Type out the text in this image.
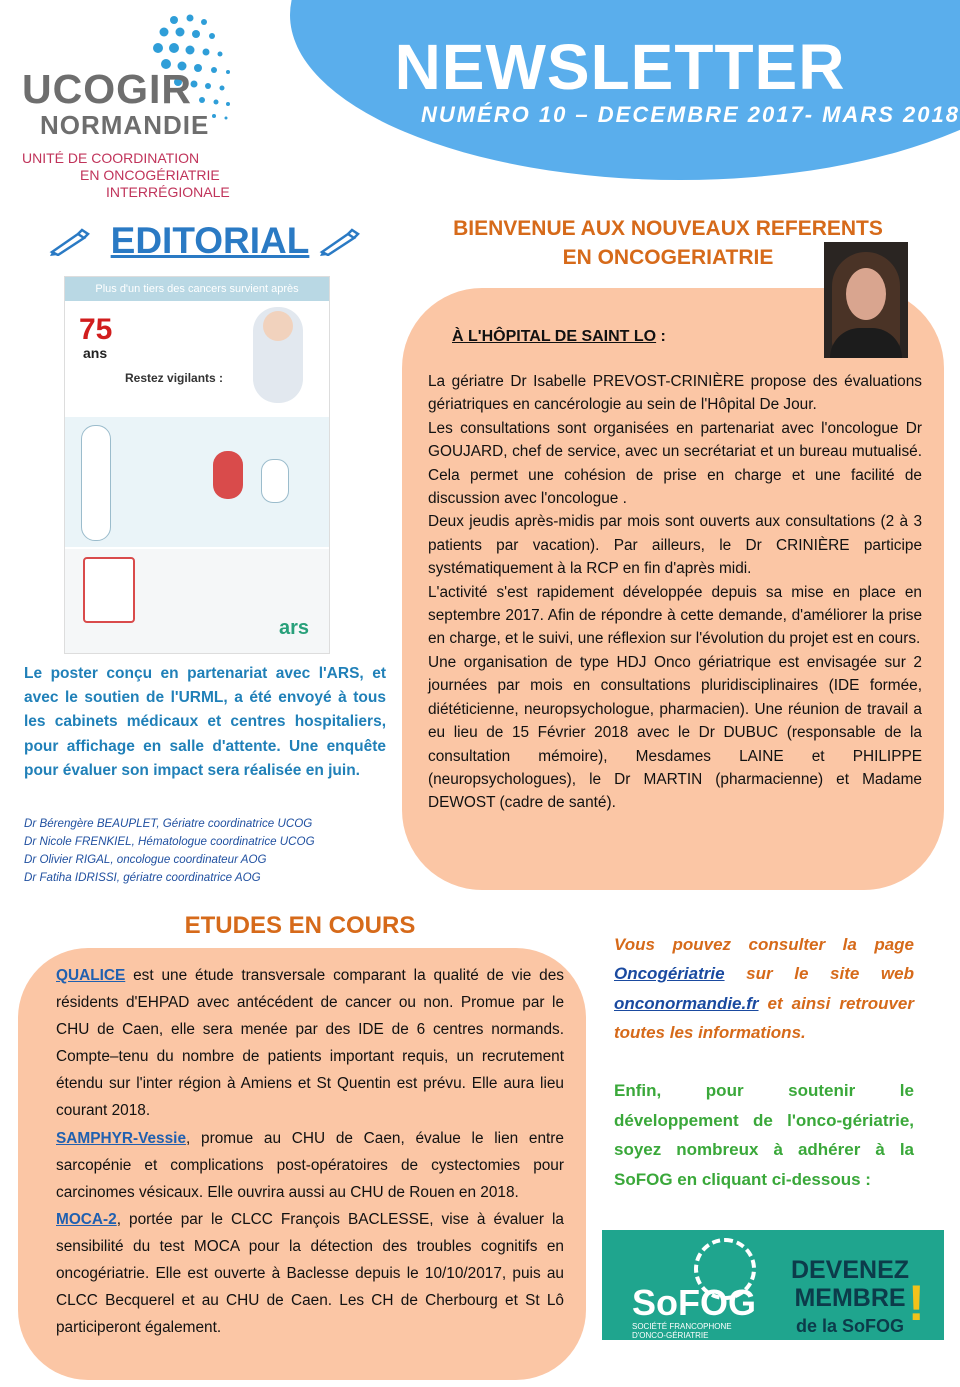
UCOGIR
NORMANDIE
UNITÉ DE COORDINATION
EN ONCOGÉRIATRIE
INTERRÉGIONALE
NEWSLETTER
NUMÉRO 10 – DECEMBRE 2017- MARS 2018
EDITORIAL
Plus d'un tiers des cancers survient après
75
ans
Restez vigilants :
ars
Le poster conçu en partenariat avec l'ARS, et avec le soutien de l'URML, a été envoyé à tous les cabinets médicaux et centres hospitaliers, pour affichage en salle d'attente. Une enquête pour évaluer son impact sera réalisée en juin.
Dr Bérengère BEAUPLET, Gériatre coordinatrice UCOG
Dr Nicole FRENKIEL, Hématologue coordinatrice UCOG
Dr Olivier RIGAL, oncologue coordinateur AOG
Dr Fatiha IDRISSI, gériatre coordinatrice AOG
BIENVENUE AUX NOUVEAUX REFERENTS
EN ONCOGERIATRIE
À L'HÔPITAL DE SAINT LO :

La gériatre Dr Isabelle PREVOST-CRINIÈRE propose des évaluations gériatriques en cancérologie au sein de l'Hôpital De Jour.

Les consultations sont organisées en partenariat avec l'oncologue Dr GOUJARD, chef de service, avec un secrétariat et un bureau mutualisé. Cela permet une cohésion de prise en charge et une facilité de discussion avec l'oncologue .

Deux jeudis après-midis par mois sont ouverts aux consultations (2 à 3 patients par vacation). Par ailleurs, le Dr CRINIÈRE participe systématiquement à la RCP en fin d'après midi.

L'activité s'est rapidement développée depuis sa mise en place en septembre 2017. Afin de répondre à cette demande, d'améliorer la prise en charge, et le suivi, une réflexion sur l'évolution du projet est en cours.

Une organisation de type HDJ Onco gériatrique est envisagée sur 2 journées par mois en consultations pluridisciplinaires (IDE formée, diététicienne, neuropsychologue, pharmacien). Une réunion de travail a eu lieu de 15 Février 2018 avec le Dr DUBUC (responsable de la consultation mémoire), Mesdames LAINE et PHILIPPE (neuropsychologues), le Dr MARTIN (pharmacienne) et Madame DEWOST (cadre de santé).

ETUDES EN COURS

QUALICE est une étude transversale comparant la qualité de vie des résidents d'EHPAD avec antécédent de cancer ou non. Promue par le CHU de Caen, elle sera menée par des IDE de 6 centres normands. Compte–tenu du nombre de patients important requis, un recrutement étendu sur l'inter région à Amiens et St Quentin est prévu. Elle aura lieu courant 2018.

SAMPHYR-Vessie, promue au CHU de Caen, évalue le lien entre sarcopénie et complications post-opératoires de cystectomies pour carcinomes vésicaux. Elle ouvrira aussi au CHU de Rouen en 2018.

MOCA-2, portée par le CLCC François BACLESSE, vise à évaluer la sensibilité du test MOCA pour la détection des troubles cognitifs en oncogériatrie. Elle est ouverte à Baclesse depuis le 10/10/2017, puis au CLCC Becquerel et au CHU de Caen. Les CH de Cherbourg et St Lô participeront également.

Vous pouvez consulter la page Oncogériatrie sur le site web onconormandie.fr et ainsi retrouver toutes les informations.
Enfin, pour soutenir le développement de l'onco-gériatrie, soyez nombreux à adhérer à la SoFOG en cliquant ci-dessous :
SoFOG
SOCIÉTÉ FRANCOPHONE
D'ONCO-GÉRIATRIE
DEVENEZ
MEMBRE
de la SoFOG !
